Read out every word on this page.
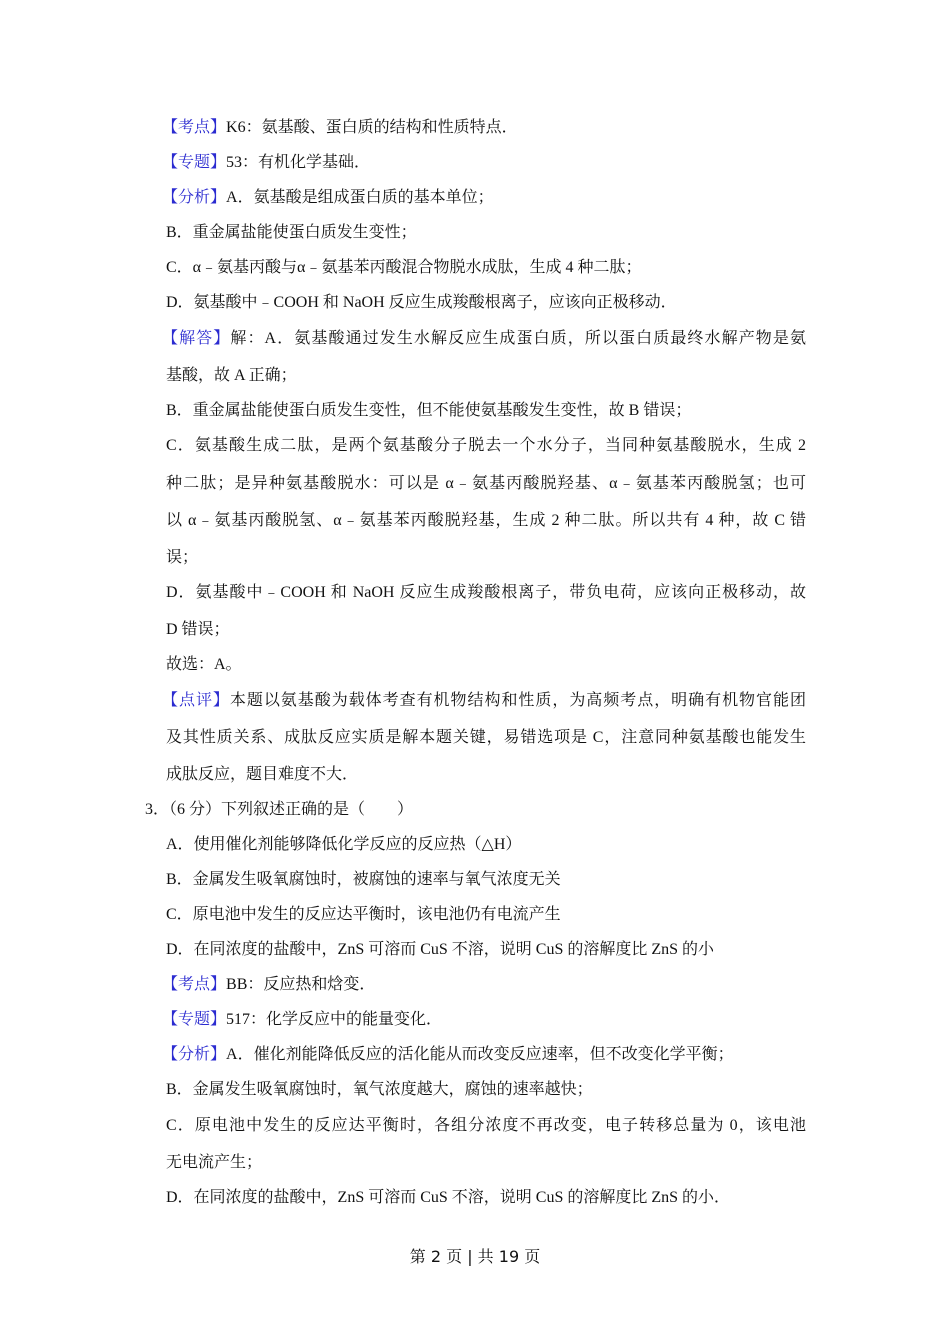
【考点】K6：氨基酸、蛋白质的结构和性质特点．
【专题】53：有机化学基础．
【分析】A．氨基酸是组成蛋白质的基本单位；
B．重金属盐能使蛋白质发生变性；
C．α﹣氨基丙酸与α﹣氨基苯丙酸混合物脱水成肽，生成 4 种二肽；
D．氨基酸中﹣COOH 和 NaOH 反应生成羧酸根离子，应该向正极移动．
【解答】解：A．氨基酸通过发生水解反应生成蛋白质，所以蛋白质最终水解产物是氨
基酸，故 A 正确；
B．重金属盐能使蛋白质发生变性，但不能使氨基酸发生变性，故 B 错误；
C．氨基酸生成二肽，是两个氨基酸分子脱去一个水分子，当同种氨基酸脱水，生成 2
种二肽；是异种氨基酸脱水：可以是 α﹣氨基丙酸脱羟基、α﹣氨基苯丙酸脱氢；也可
以 α﹣氨基丙酸脱氢、α﹣氨基苯丙酸脱羟基，生成 2 种二肽。所以共有 4 种，故 C 错
误；
D．氨基酸中﹣COOH 和 NaOH 反应生成羧酸根离子，带负电荷，应该向正极移动，故
D 错误；
故选：A。
【点评】本题以氨基酸为载体考查有机物结构和性质，为高频考点，明确有机物官能团
及其性质关系、成肽反应实质是解本题关键，易错选项是 C，注意同种氨基酸也能发生
成肽反应，题目难度不大．
3．（6 分）下列叙述正确的是（　　）
A．使用催化剂能够降低化学反应的反应热（△H）
B．金属发生吸氧腐蚀时，被腐蚀的速率与氧气浓度无关
C．原电池中发生的反应达平衡时，该电池仍有电流产生
D．在同浓度的盐酸中，ZnS 可溶而 CuS 不溶，说明 CuS 的溶解度比 ZnS 的小
【考点】BB：反应热和焓变．
【专题】517：化学反应中的能量变化．
【分析】A．催化剂能降低反应的活化能从而改变反应速率，但不改变化学平衡；
B．金属发生吸氧腐蚀时，氧气浓度越大，腐蚀的速率越快；
C．原电池中发生的反应达平衡时，各组分浓度不再改变，电子转移总量为 0，该电池
无电流产生；
D．在同浓度的盐酸中，ZnS 可溶而 CuS 不溶，说明 CuS 的溶解度比 ZnS 的小．
第 2 页 | 共 19 页
